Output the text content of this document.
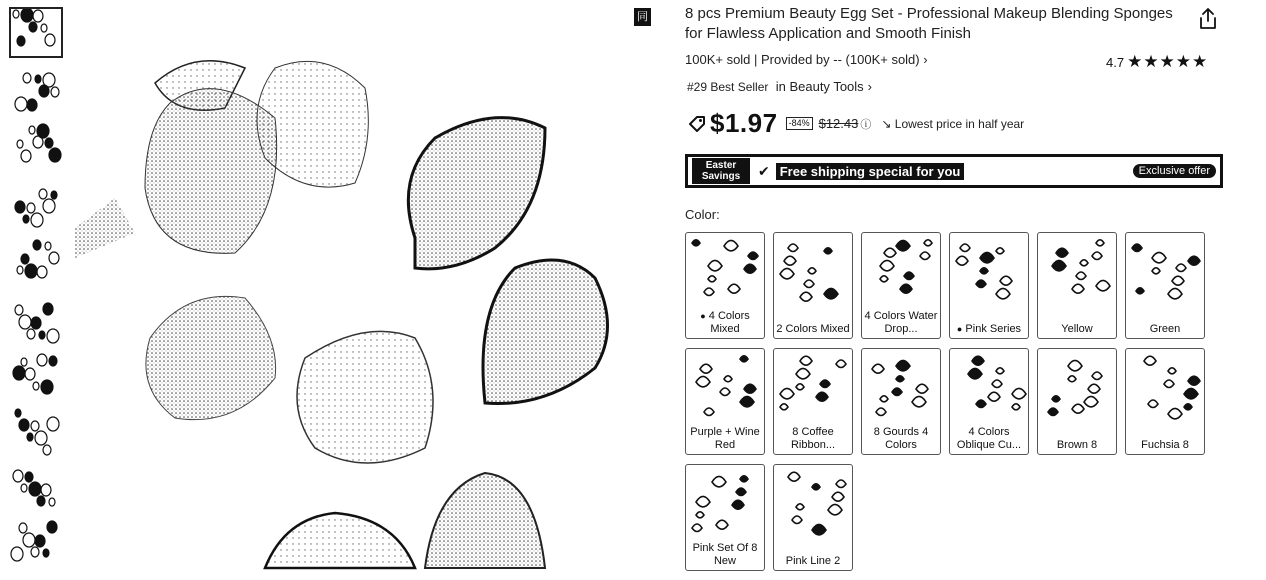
同款同款
8 pcs Premium Beauty Egg Set - Professional Makeup Blending Sponges for Flawless Application and Smooth Finish
100K+ sold | Provided by -- (100K+ sold) ›	4.7 ★★★★★
#29 Best Seller in Beauty Tools ›
$1.97	-84% $12.43 ⓘ ↘ Lowest price in half year
Easter Savings	✔ Free shipping special for you	Exclusive offer
Color:
● 4 Colors Mixed	2 Colors Mixed
4 Colors Water Drop...	● Pink Series	Yellow	Green
Purple + Wine Red
8 Coffee Ribbon...
8 Gourds 4 Colors
4 Colors Oblique Cu...	Brown 8	Fuchsia 8
Pink Set Of 8 New	Pink Line 2
